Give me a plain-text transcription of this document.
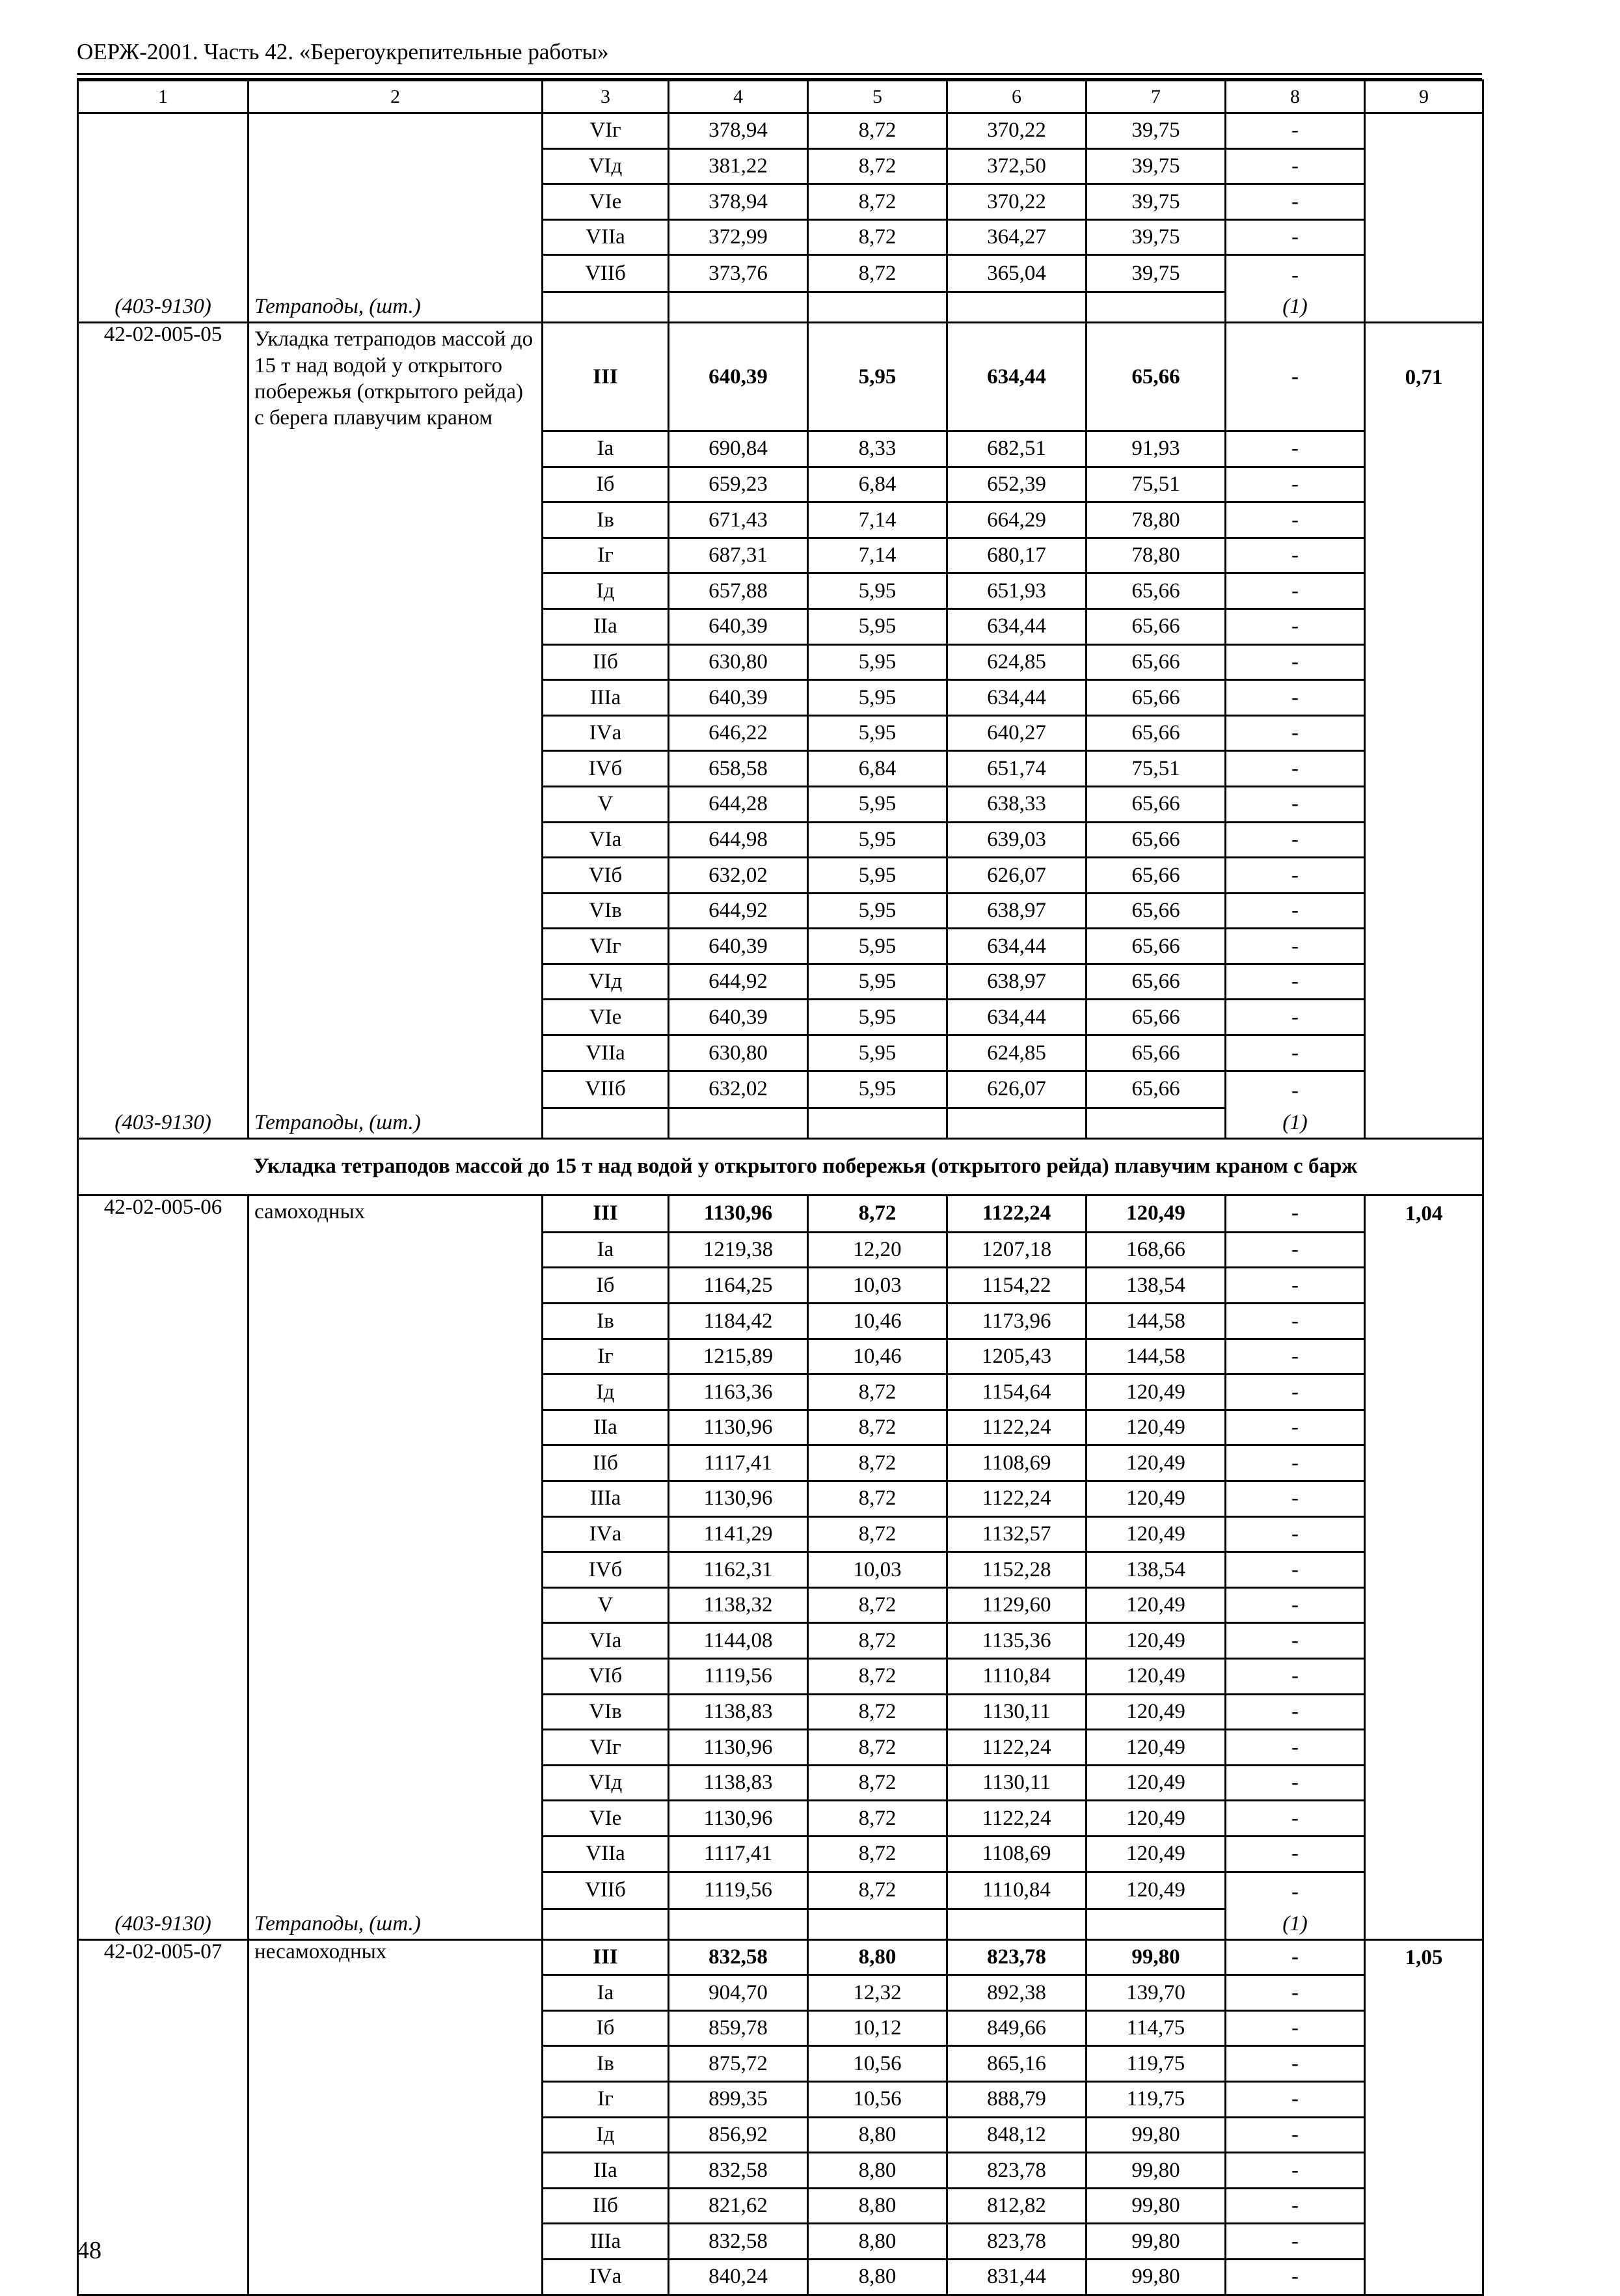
ОЕРЖ-2001. Часть 42. «Берегоукрепительные работы»
1	2	3	4	5	6	7	8	9
		VIг	378,94	8,72	370,22	39,75	-	
		VIд	381,22	8,72	372,50	39,75	-	
		VIе	378,94	8,72	370,22	39,75	-	
		VIIа	372,99	8,72	364,27	39,75	-	
		VIIб	373,76	8,72	365,04	39,75	-	
(403-9130)	Тетраподы, (шт.)						(1)	
42-02-005-05	Укладка тетраподов массой до 15 т над водой у открытого побережья (открытого рейда) с берега плавучим краном	III	640,39	5,95	634,44	65,66	-	0,71
		Iа	690,84	8,33	682,51	91,93	-	
		Iб	659,23	6,84	652,39	75,51	-	
		Iв	671,43	7,14	664,29	78,80	-	
		Iг	687,31	7,14	680,17	78,80	-	
		Iд	657,88	5,95	651,93	65,66	-	
		IIа	640,39	5,95	634,44	65,66	-	
		IIб	630,80	5,95	624,85	65,66	-	
		IIIа	640,39	5,95	634,44	65,66	-	
		IVа	646,22	5,95	640,27	65,66	-	
		IVб	658,58	6,84	651,74	75,51	-	
		V	644,28	5,95	638,33	65,66	-	
		VIа	644,98	5,95	639,03	65,66	-	
		VIб	632,02	5,95	626,07	65,66	-	
		VIв	644,92	5,95	638,97	65,66	-	
		VIг	640,39	5,95	634,44	65,66	-	
		VIд	644,92	5,95	638,97	65,66	-	
		VIе	640,39	5,95	634,44	65,66	-	
		VIIа	630,80	5,95	624,85	65,66	-	
		VIIб	632,02	5,95	626,07	65,66	-	
(403-9130)	Тетраподы, (шт.)						(1)	
	Укладка тетраподов массой до 15 т над водой у открытого побережья (открытого рейда) плавучим краном с барж							
42-02-005-06	самоходных	III	1130,96	8,72	1122,24	120,49	-	1,04
		Iа	1219,38	12,20	1207,18	168,66	-	
		Iб	1164,25	10,03	1154,22	138,54	-	
		Iв	1184,42	10,46	1173,96	144,58	-	
		Iг	1215,89	10,46	1205,43	144,58	-	
		Iд	1163,36	8,72	1154,64	120,49	-	
		IIа	1130,96	8,72	1122,24	120,49	-	
		IIб	1117,41	8,72	1108,69	120,49	-	
		IIIа	1130,96	8,72	1122,24	120,49	-	
		IVа	1141,29	8,72	1132,57	120,49	-	
		IVб	1162,31	10,03	1152,28	138,54	-	
		V	1138,32	8,72	1129,60	120,49	-	
		VIа	1144,08	8,72	1135,36	120,49	-	
		VIб	1119,56	8,72	1110,84	120,49	-	
		VIв	1138,83	8,72	1130,11	120,49	-	
		VIг	1130,96	8,72	1122,24	120,49	-	
		VIд	1138,83	8,72	1130,11	120,49	-	
		VIе	1130,96	8,72	1122,24	120,49	-	
		VIIа	1117,41	8,72	1108,69	120,49	-	
		VIIб	1119,56	8,72	1110,84	120,49	-	
(403-9130)	Тетраподы, (шт.)						(1)	
42-02-005-07	несамоходных	III	832,58	8,80	823,78	99,80	-	1,05
		Iа	904,70	12,32	892,38	139,70	-	
		Iб	859,78	10,12	849,66	114,75	-	
		Iв	875,72	10,56	865,16	119,75	-	
		Iг	899,35	10,56	888,79	119,75	-	
		Iд	856,92	8,80	848,12	99,80	-	
		IIа	832,58	8,80	823,78	99,80	-	
		IIб	821,62	8,80	812,82	99,80	-	
		IIIа	832,58	8,80	823,78	99,80	-	
		IVа	840,24	8,80	831,44	99,80	-	
48
